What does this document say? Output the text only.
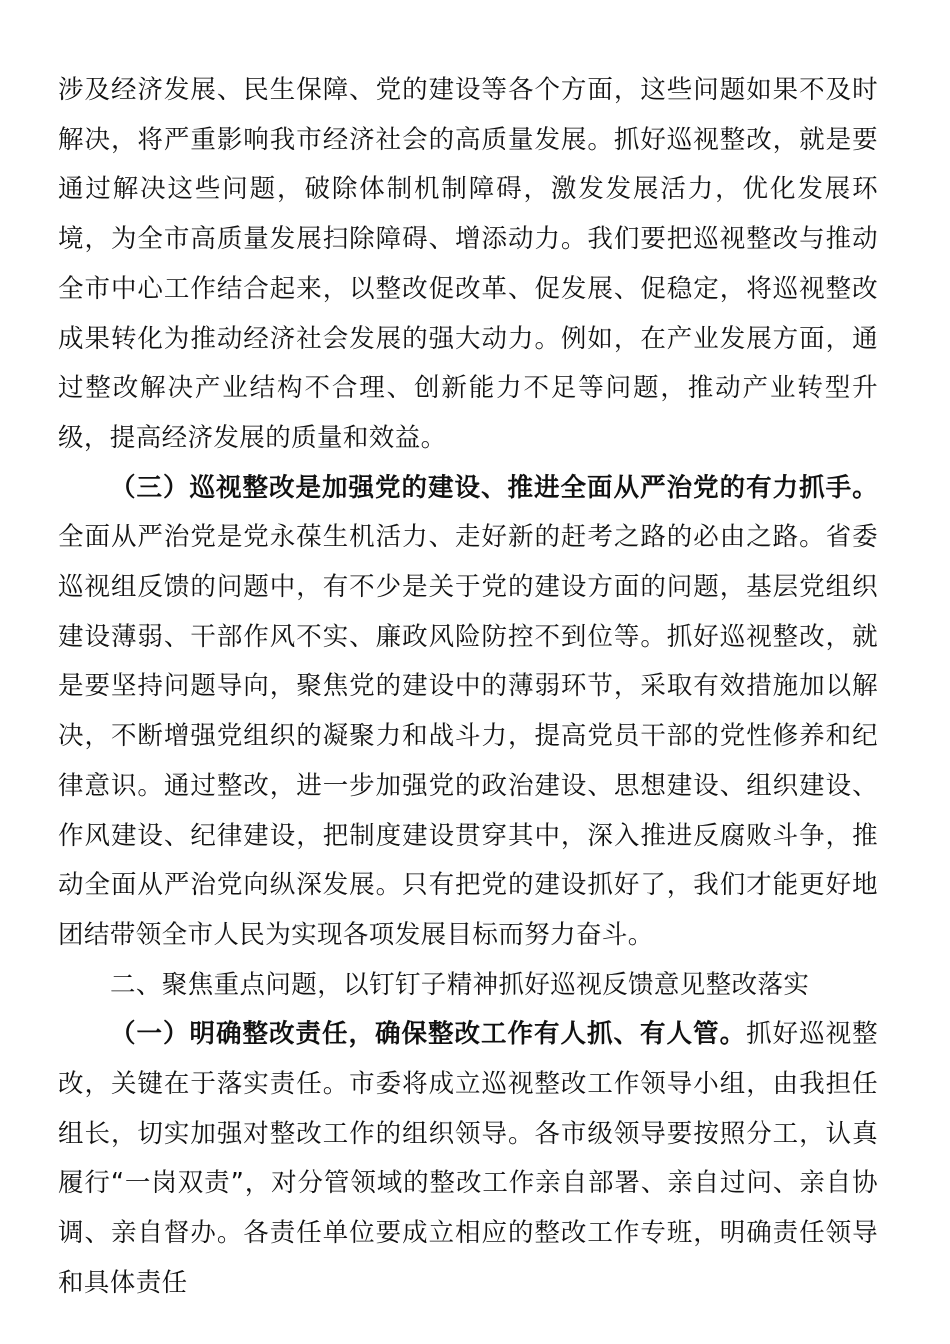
涉及经济发展、民生保障、党的建设等各个方面，这些问题如果不及时解决，将严重影响我市经济社会的高质量发展。抓好巡视整改，就是要通过解决这些问题，破除体制机制障碍，激发发展活力，优化发展环境，为全市高质量发展扫除障碍、增添动力。我们要把巡视整改与推动全市中心工作结合起来，以整改促改革、促发展、促稳定，将巡视整改成果转化为推动经济社会发展的强大动力。例如，在产业发展方面，通过整改解决产业结构不合理、创新能力不足等问题，推动产业转型升级，提高经济发展的质量和效益。

（三）巡视整改是加强党的建设、推进全面从严治党的有力抓手。全面从严治党是党永葆生机活力、走好新的赶考之路的必由之路。省委巡视组反馈的问题中，有不少是关于党的建设方面的问题，基层党组织建设薄弱、干部作风不实、廉政风险防控不到位等。抓好巡视整改，就是要坚持问题导向，聚焦党的建设中的薄弱环节，采取有效措施加以解决，不断增强党组织的凝聚力和战斗力，提高党员干部的党性修养和纪律意识。通过整改，进一步加强党的政治建设、思想建设、组织建设、作风建设、纪律建设，把制度建设贯穿其中，深入推进反腐败斗争，推动全面从严治党向纵深发展。只有把党的建设抓好了，我们才能更好地团结带领全市人民为实现各项发展目标而努力奋斗。

二、聚焦重点问题，以钉钉子精神抓好巡视反馈意见整改落实

（一）明确整改责任，确保整改工作有人抓、有人管。抓好巡视整改，关键在于落实责任。市委将成立巡视整改工作领导小组，由我担任组长，切实加强对整改工作的组织领导。各市级领导要按照分工，认真履行“一岗双责”，对分管领域的整改工作亲自部署、亲自过问、亲自协调、亲自督办。各责任单位要成立相应的整改工作专班，明确责任领导和具体责任
